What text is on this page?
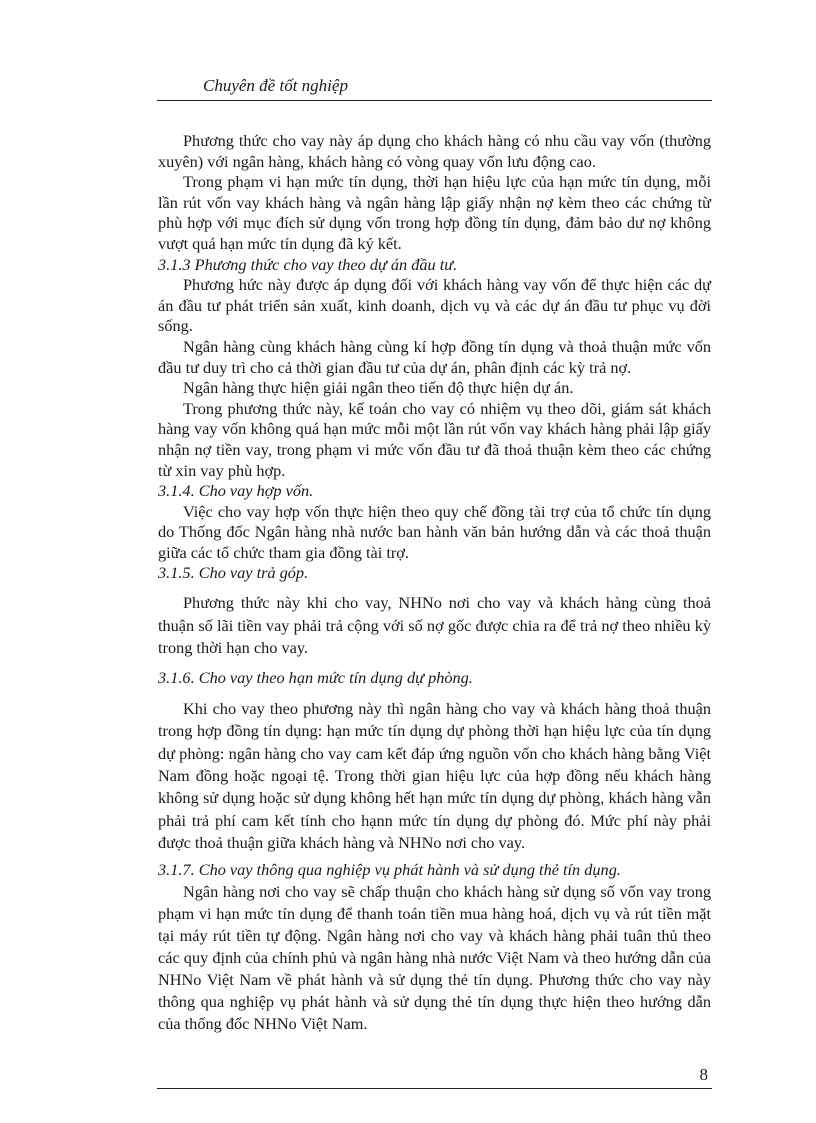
Chuyên đề tốt nghiệp

Phương thức cho vay này áp dụng cho khách hàng có nhu cầu vay vốn (thường xuyên) với ngân hàng, khách hàng có vòng quay vốn lưu động cao.

Trong phạm vi hạn mức tín dụng, thời hạn hiệu lực của hạn mức tín dụng, mỗi lần rút vốn vay khách hàng và ngân hàng lập giấy nhận nợ kèm theo các chứng từ phù hợp với mục đích sử dụng vốn trong hợp đồng tín dụng, đảm bảo dư nợ không vượt quá hạn mức tín dụng đã ký kết.

3.1.3 Phương thức cho vay theo dự án đầu tư.

Phương hức này được áp dụng đối với khách hàng vay vốn để thực hiện các dự án đầu tư phát triển sản xuất, kinh doanh, dịch vụ và các dự án đầu tư phục vụ đời sống.

Ngân hàng cùng khách hàng cùng kí hợp đồng tín dụng và thoả thuận mức vốn đầu tư duy trì cho cả thời gian đầu tư của dự án, phân định các kỳ trả nợ.

Ngân hàng thực hiện giải ngân theo tiến độ thực hiện dự án.

Trong phương thức này, kế toán cho vay có nhiệm vụ theo dõi, giám sát khách hàng vay vốn không quá hạn mức mỗi một lần rút vốn vay khách hàng phải lập giấy nhận nợ tiền vay, trong phạm vi mức vốn đầu tư đã thoả thuận kèm theo các chứng từ xin vay phù hợp.

3.1.4. Cho vay hợp vốn.

Việc cho vay hợp vốn thực hiện theo quy chế đồng tài trợ của tổ chức tín dụng do Thống đốc Ngân hàng nhà nước ban hành văn bản hướng dẫn và các thoả thuận giữa các tổ chức tham gia đồng tài trợ.

3.1.5. Cho vay trả góp.

Phương thức này khi cho vay, NHNo nơi cho vay và khách hàng cùng thoả thuận số lãi tiền vay phải trả cộng với số nợ gốc được chia ra để trả nợ theo nhiều kỳ trong thời hạn cho vay.

3.1.6. Cho vay theo hạn mức tín dụng dự phòng.

Khi cho vay theo phương này thì ngân hàng cho vay và khách hàng thoả thuận trong hợp đồng tín dụng: hạn mức tín dụng dự phòng thời hạn hiệu lực của tín dụng dự phòng: ngân hàng cho vay cam kết đáp ứng nguồn vốn cho khách hàng bằng Việt Nam đồng hoặc ngoại tệ. Trong thời gian hiệu lực của hợp đồng nếu khách hàng không sử dụng hoặc sử dụng không hết hạn mức tín dụng dự phòng, khách hàng vẫn phải trả phí cam kết tính cho hạnn mức tín dụng dự phòng đó. Mức phí này phải được thoả thuận giữa khách hàng và NHNo nơi cho vay.

3.1.7. Cho vay thông qua nghiệp vụ phát hành và sử dụng thẻ tín dụng.

Ngân hàng nơi cho vay sẽ chấp thuận cho khách hàng sử dụng số vốn vay trong phạm vi hạn mức tín dụng để thanh toán tiền mua hàng hoá, dịch vụ và rút tiền mặt tại máy rút tiền tự động. Ngân hàng nơi cho vay và khách hàng phải tuân thủ theo các quy định của chính phủ và ngân hàng nhà nước Việt Nam và theo hướng dẫn của NHNo Việt Nam về phát hành và sử dụng thẻ tín dụng. Phương thức cho vay này thông qua nghiệp vụ phát hành và sử dụng thẻ tín dụng thực hiện theo hướng dẫn của thống đốc NHNo Việt Nam.

8
